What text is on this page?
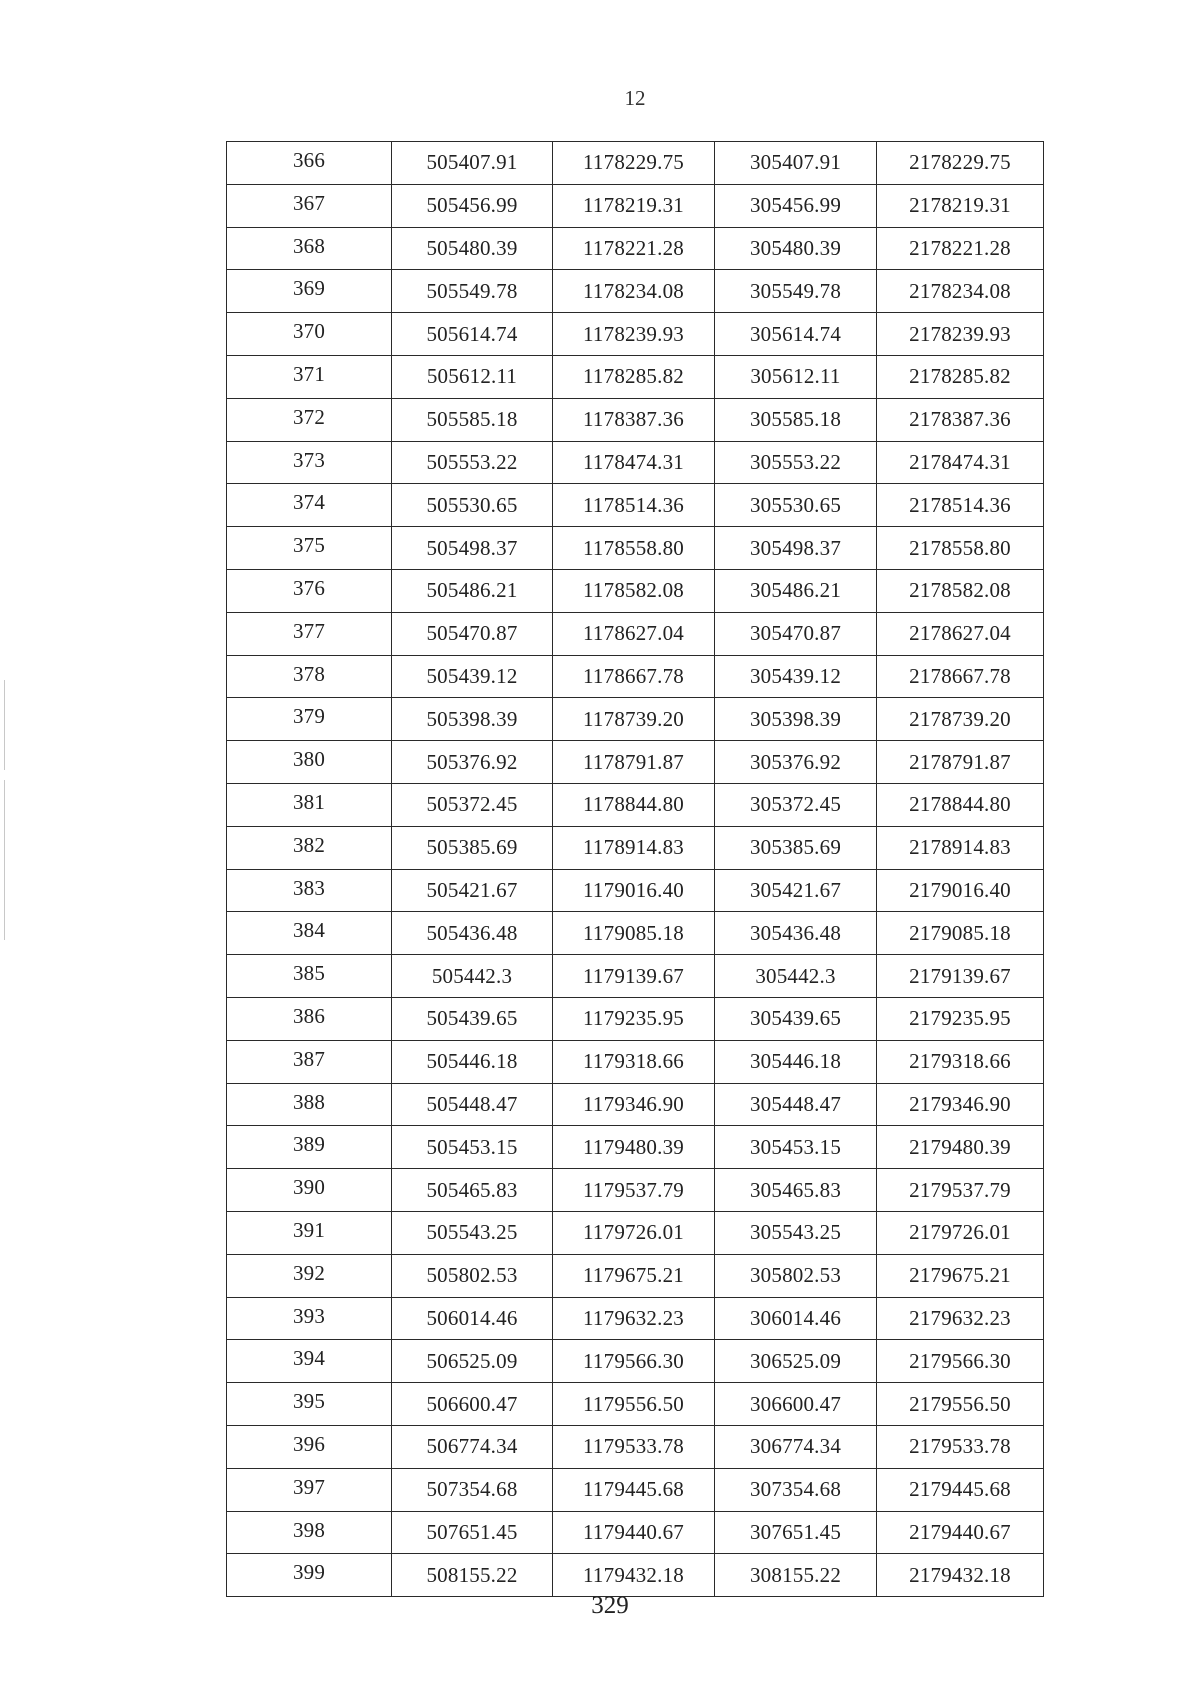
12
366	505407.91	1178229.75	305407.91	2178229.75
367	505456.99	1178219.31	305456.99	2178219.31
368	505480.39	1178221.28	305480.39	2178221.28
369	505549.78	1178234.08	305549.78	2178234.08
370	505614.74	1178239.93	305614.74	2178239.93
371	505612.11	1178285.82	305612.11	2178285.82
372	505585.18	1178387.36	305585.18	2178387.36
373	505553.22	1178474.31	305553.22	2178474.31
374	505530.65	1178514.36	305530.65	2178514.36
375	505498.37	1178558.80	305498.37	2178558.80
376	505486.21	1178582.08	305486.21	2178582.08
377	505470.87	1178627.04	305470.87	2178627.04
378	505439.12	1178667.78	305439.12	2178667.78
379	505398.39	1178739.20	305398.39	2178739.20
380	505376.92	1178791.87	305376.92	2178791.87
381	505372.45	1178844.80	305372.45	2178844.80
382	505385.69	1178914.83	305385.69	2178914.83
383	505421.67	1179016.40	305421.67	2179016.40
384	505436.48	1179085.18	305436.48	2179085.18
385	505442.3	1179139.67	305442.3	2179139.67
386	505439.65	1179235.95	305439.65	2179235.95
387	505446.18	1179318.66	305446.18	2179318.66
388	505448.47	1179346.90	305448.47	2179346.90
389	505453.15	1179480.39	305453.15	2179480.39
390	505465.83	1179537.79	305465.83	2179537.79
391	505543.25	1179726.01	305543.25	2179726.01
392	505802.53	1179675.21	305802.53	2179675.21
393	506014.46	1179632.23	306014.46	2179632.23
394	506525.09	1179566.30	306525.09	2179566.30
395	506600.47	1179556.50	306600.47	2179556.50
396	506774.34	1179533.78	306774.34	2179533.78
397	507354.68	1179445.68	307354.68	2179445.68
398	507651.45	1179440.67	307651.45	2179440.67
399	508155.22	1179432.18	308155.22	2179432.18
329
